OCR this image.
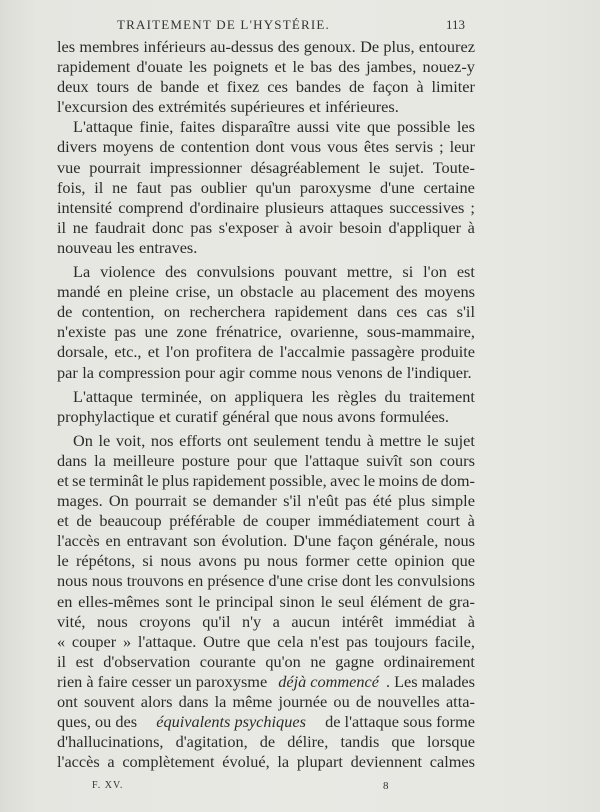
TRAITEMENT DE L'HYSTÉRIE.	113
les membres inférieurs au-dessus des genoux. De plus, entourez
rapidement d'ouate les poignets et le bas des jambes, nouez-y
deux tours de bande et fixez ces bandes de façon à limiter
l'excursion des extrémités supérieures et inférieures.
L'attaque finie, faites disparaître aussi vite que possible les
divers moyens de contention dont vous vous êtes servis ; leur
vue pourrait impressionner désagréablement le sujet. Toute-
fois, il ne faut pas oublier qu'un paroxysme d'une certaine
intensité comprend d'ordinaire plusieurs attaques successives ;
il ne faudrait donc pas s'exposer à avoir besoin d'appliquer à
nouveau les entraves.
La violence des convulsions pouvant mettre, si l'on est
mandé en pleine crise, un obstacle au placement des moyens
de contention, on recherchera rapidement dans ces cas s'il
n'existe pas une zone frénatrice, ovarienne, sous-mammaire,
dorsale, etc., et l'on profitera de l'accalmie passagère produite
par la compression pour agir comme nous venons de l'indiquer.
L'attaque terminée, on appliquera les règles du traitement
prophylactique et curatif général que nous avons formulées.
On le voit, nos efforts ont seulement tendu à mettre le sujet
dans la meilleure posture pour que l'attaque suivît son cours
et se terminât le plus rapidement possible, avec le moins de dom-
mages. On pourrait se demander s'il n'eût pas été plus simple
et de beaucoup préférable de couper immédiatement court à
l'accès en entravant son évolution. D'une façon générale, nous
le répétons, si nous avons pu nous former cette opinion que
nous nous trouvons en présence d'une crise dont les convulsions
en elles-mêmes sont le principal sinon le seul élément de gra-
vité, nous croyons qu'il n'y a aucun intérêt immédiat à
« couper » l'attaque. Outre que cela n'est pas toujours facile,
il est d'observation courante qu'on ne gagne ordinairement
rien à faire cesser un paroxysme déjà commencé . Les malades
ont souvent alors dans la même journée ou de nouvelles atta-
ques, ou des équivalents psychiques de l'attaque sous forme
d'hallucinations, d'agitation, de délire, tandis que lorsque
l'accès a complètement évolué, la plupart deviennent calmes
F. XV.	8
